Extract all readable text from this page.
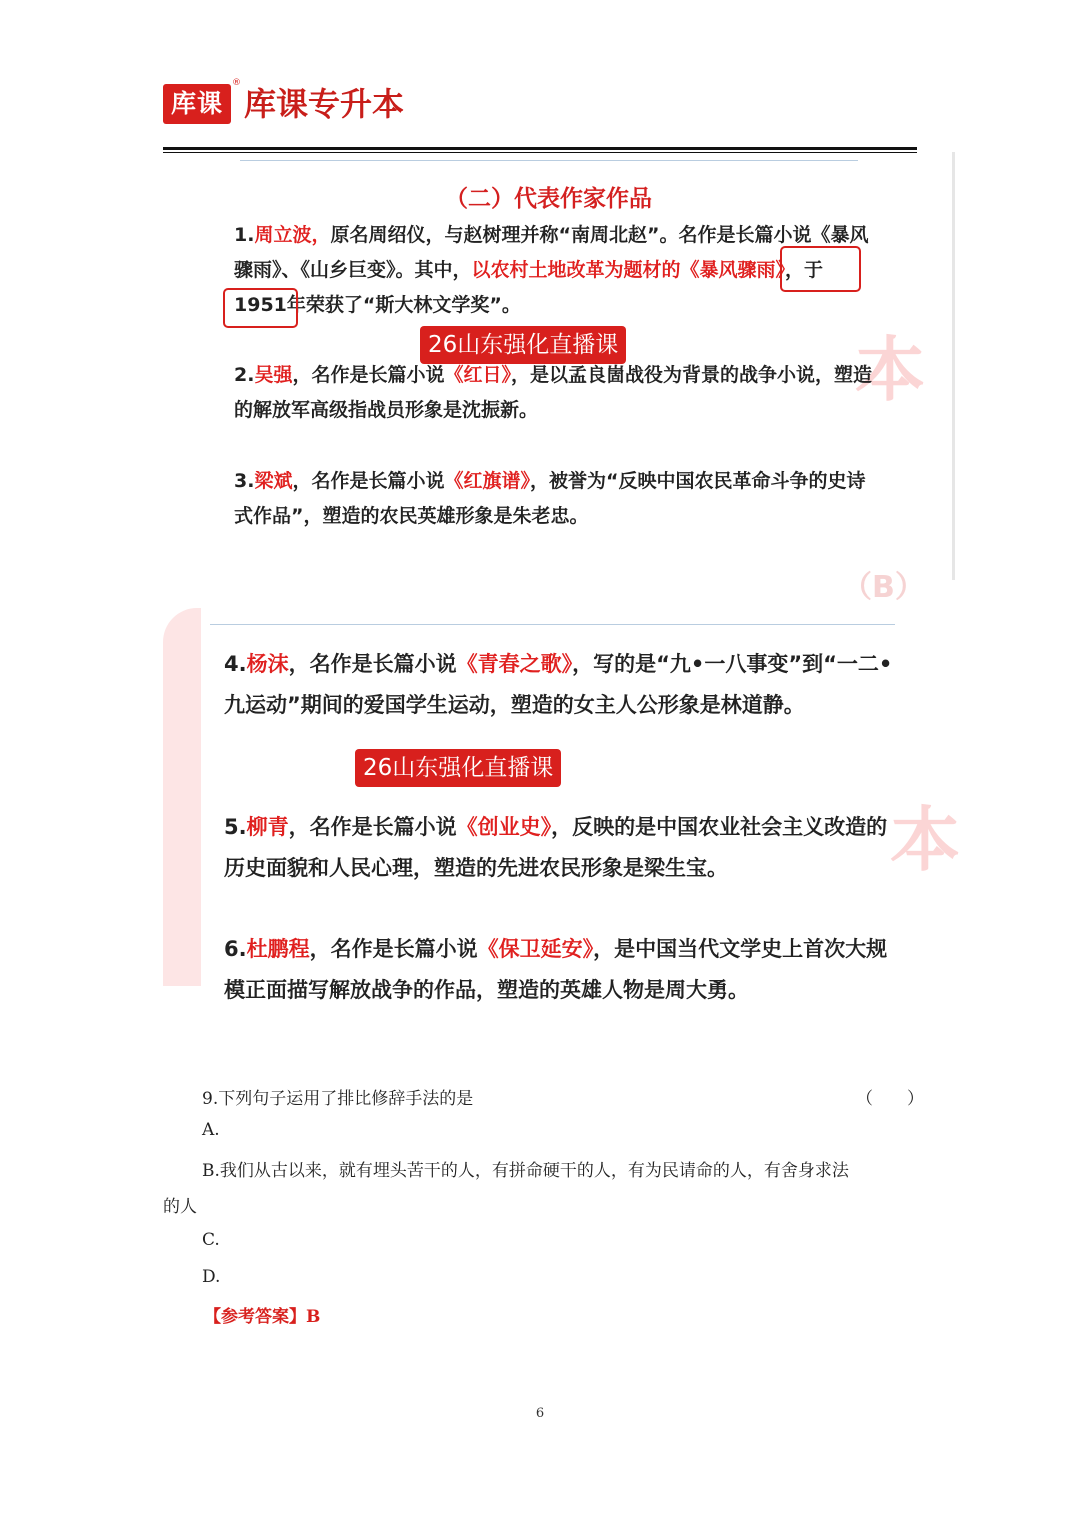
库课
®
库课专升本
本
（B）
（二）代表作家作品
1.周立波，原名周绍仪，与赵树理并称“南周北赵”。名作是长篇小说《暴风骤雨》、《山乡巨变》。其中，以农村土地改革为题材的《暴风骤雨》，于1951年荣获了“斯大林文学奖”。
26山东强化直播课
2.吴强，名作是长篇小说《红日》，是以孟良崮战役为背景的战争小说，塑造的解放军高级指战员形象是沈振新。
3.梁斌，名作是长篇小说《红旗谱》，被誉为“反映中国农民革命斗争的史诗式作品”，塑造的农民英雄形象是朱老忠。
本
4.杨沫，名作是长篇小说《青春之歌》，写的是“九•一八事变”到“一二•九运动”期间的爱国学生运动，塑造的女主人公形象是林道静。
26山东强化直播课
5.柳青，名作是长篇小说《创业史》，反映的是中国农业社会主义改造的历史面貌和人民心理，塑造的先进农民形象是梁生宝。
6.杜鹏程，名作是长篇小说《保卫延安》，是中国当代文学史上首次大规模正面描写解放战争的作品，塑造的英雄人物是周大勇。
9.下列句子运用了排比修辞手法的是	（　　）
A.
B.我们从古以来，就有埋头苦干的人，有拼命硬干的人，有为民请命的人，有舍身求法
的人
C.
D.
【参考答案】B
6
